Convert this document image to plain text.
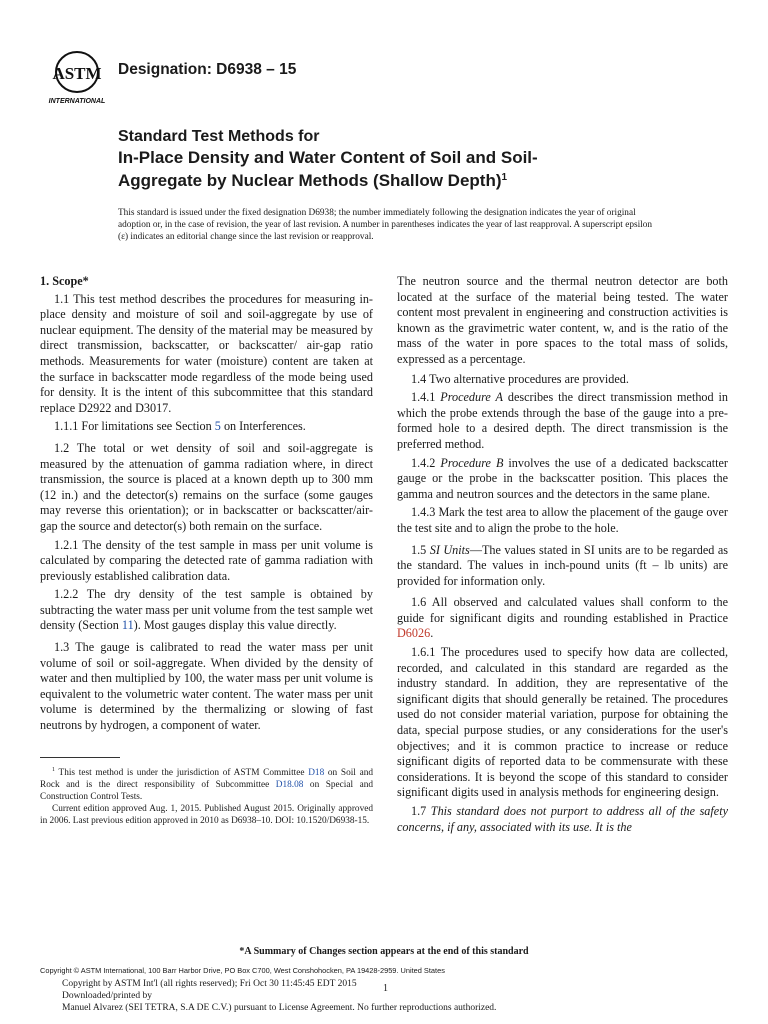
ASTM
INTERNATIONAL
Designation: D6938 – 15
Standard Test Methods for
In-Place Density and Water Content of Soil and Soil-
Aggregate by Nuclear Methods (Shallow Depth)$^1$
This standard is issued under the fixed designation D6938; the number immediately following the designation indicates the year of original adoption or, in the case of revision, the year of last revision. A number in parentheses indicates the year of last reapproval. A superscript epsilon (ε) indicates an editorial change since the last revision or reapproval.

1. Scope*

1.1 This test method describes the procedures for measuring in-place density and moisture of soil and soil-aggregate by use of nuclear equipment. The density of the material may be measured by direct transmission, backscatter, or backscatter/ air-gap ratio methods. Measurements for water (moisture) content are taken at the surface in backscatter mode regardless of the mode being used for density. It is the intent of this subcommittee that this standard replace D2922 and D3017.

1.1.1 For limitations see Section 5 on Interferences.

1.2 The total or wet density of soil and soil-aggregate is measured by the attenuation of gamma radiation where, in direct transmission, the source is placed at a known depth up to 300 mm (12 in.) and the detector(s) remains on the surface (some gauges may reverse this orientation); or in backscatter or backscatter/air-gap the source and detector(s) both remain on the surface.

1.2.1 The density of the test sample in mass per unit volume is calculated by comparing the detected rate of gamma radiation with previously established calibration data.

1.2.2 The dry density of the test sample is obtained by subtracting the water mass per unit volume from the test sample wet density (Section 11). Most gauges display this value directly.

1.3 The gauge is calibrated to read the water mass per unit volume of soil or soil-aggregate. When divided by the density of water and then multiplied by 100, the water mass per unit volume is equivalent to the volumetric water content. The water mass per unit volume is determined by the thermalizing or slowing of fast neutrons by hydrogen, a component of water.

The neutron source and the thermal neutron detector are both located at the surface of the material being tested. The water content most prevalent in engineering and construction activities is known as the gravimetric water content, w, and is the ratio of the mass of the water in pore spaces to the total mass of solids, expressed as a percentage.

1.4 Two alternative procedures are provided.

1.4.1 Procedure A describes the direct transmission method in which the probe extends through the base of the gauge into a pre-formed hole to a desired depth. The direct transmission is the preferred method.

1.4.2 Procedure B involves the use of a dedicated backscatter gauge or the probe in the backscatter position. This places the gamma and neutron sources and the detectors in the same plane.

1.4.3 Mark the test area to allow the placement of the gauge over the test site and to align the probe to the hole.

1.5 SI Units—The values stated in SI units are to be regarded as the standard. The values in inch-pound units (ft – lb units) are provided for information only.

1.6 All observed and calculated values shall conform to the guide for significant digits and rounding established in Practice D6026.

1.6.1 The procedures used to specify how data are collected, recorded, and calculated in this standard are regarded as the industry standard. In addition, they are representative of the significant digits that should generally be retained. The procedures used do not consider material variation, purpose for obtaining the data, special purpose studies, or any considerations for the user's objectives; and it is common practice to increase or reduce significant digits of reported data to be commensurate with these considerations. It is beyond the scope of this standard to consider significant digits used in analysis methods for engineering design.

1.7 This standard does not purport to address all of the safety concerns, if any, associated with its use. It is the

$^1$ This test method is under the jurisdiction of ASTM Committee D18 on Soil and Rock and is the direct responsibility of Subcommittee D18.08 on Special and Construction Control Tests.

Current edition approved Aug. 1, 2015. Published August 2015. Originally approved in 2006. Last previous edition approved in 2010 as D6938–10. DOI: 10.1520/D6938-15.

*A Summary of Changes section appears at the end of this standard
Copyright © ASTM International, 100 Barr Harbor Drive, PO Box C700, West Conshohocken, PA 19428-2959. United States
Copyright by ASTM Int'l (all rights reserved); Fri Oct 30 11:45:45 EDT 2015
Downloaded/printed by
Manuel Alvarez (SEI TETRA, S.A DE C.V.) pursuant to License Agreement. No further reproductions authorized.
1
